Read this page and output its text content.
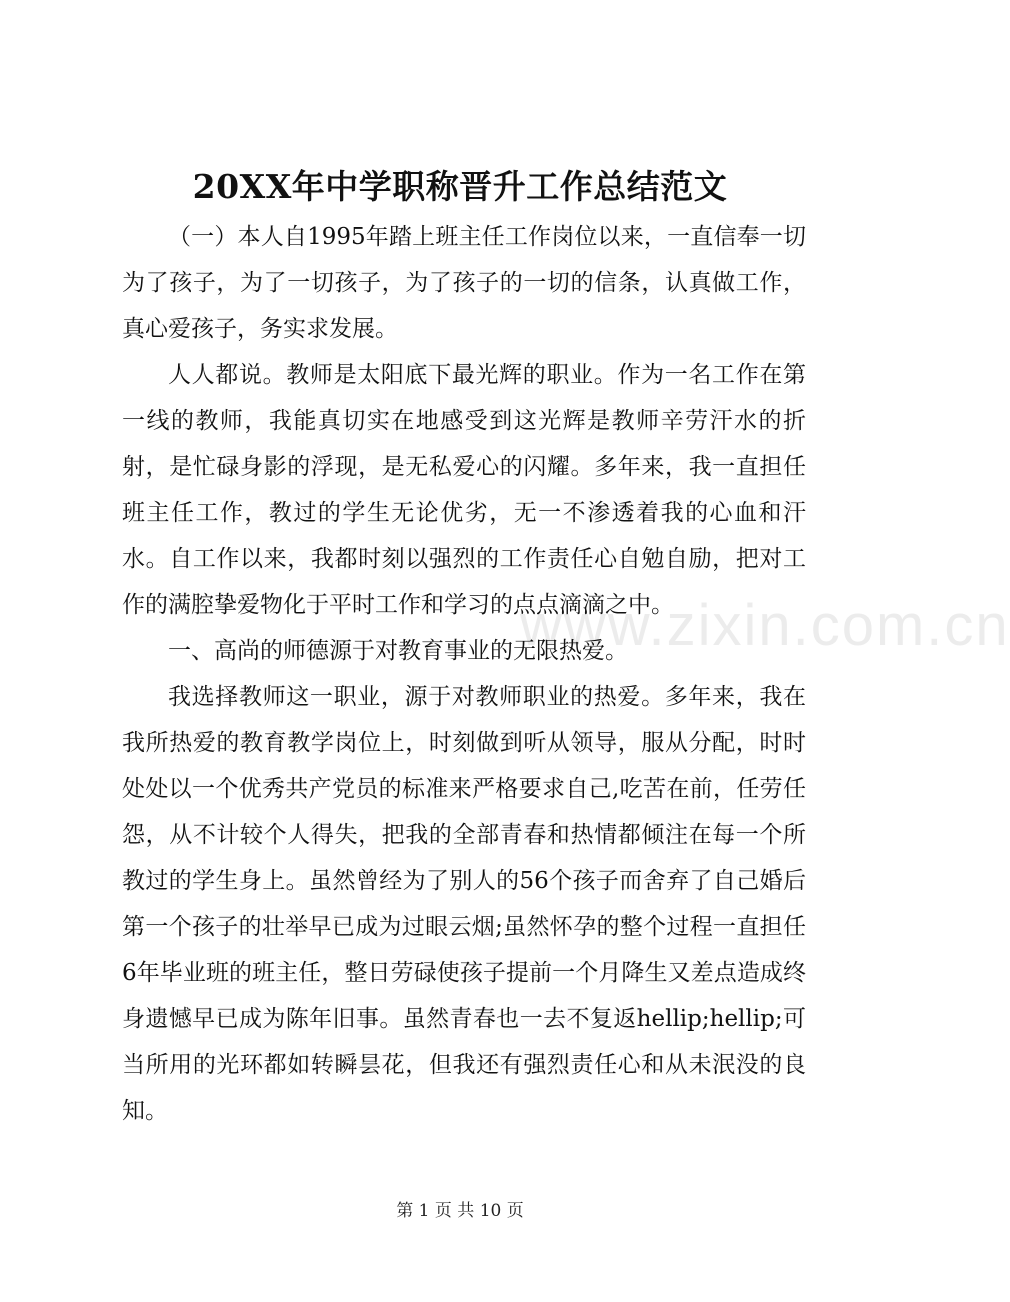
www.zixin.com.cn
20XX年中学职称晋升工作总结范文

（一）本人自1995年踏上班主任工作岗位以来，一直信奉一切为了孩子，为了一切孩子，为了孩子的一切的信条，认真做工作，真心爱孩子，务实求发展。

人人都说。教师是太阳底下最光辉的职业。作为一名工作在第一线的教师，我能真切实在地感受到这光辉是教师辛劳汗水的折射，是忙碌身影的浮现，是无私爱心的闪耀。多年来，我一直担任班主任工作，教过的学生无论优劣，无一不渗透着我的心血和汗水。自工作以来，我都时刻以强烈的工作责任心自勉自励，把对工作的满腔挚爱物化于平时工作和学习的点点滴滴之中。

一、高尚的师德源于对教育事业的无限热爱。

我选择教师这一职业，源于对教师职业的热爱。多年来，我在我所热爱的教育教学岗位上，时刻做到听从领导，服从分配，时时处处以一个优秀共产党员的标准来严格要求自己,吃苦在前，任劳任怨，从不计较个人得失，把我的全部青春和热情都倾注在每一个所教过的学生身上。虽然曾经为了别人的56个孩子而舍弃了自己婚后第一个孩子的壮举早已成为过眼云烟;虽然怀孕的整个过程一直担任6年毕业班的班主任，整日劳碌使孩子提前一个月降生又差点造成终身遗憾早已成为陈年旧事。虽然青春也一去不复返hellip;hellip;可当所用的光环都如转瞬昙花，但我还有强烈责任心和从未泯没的良知。

第 1 页 共 10 页
